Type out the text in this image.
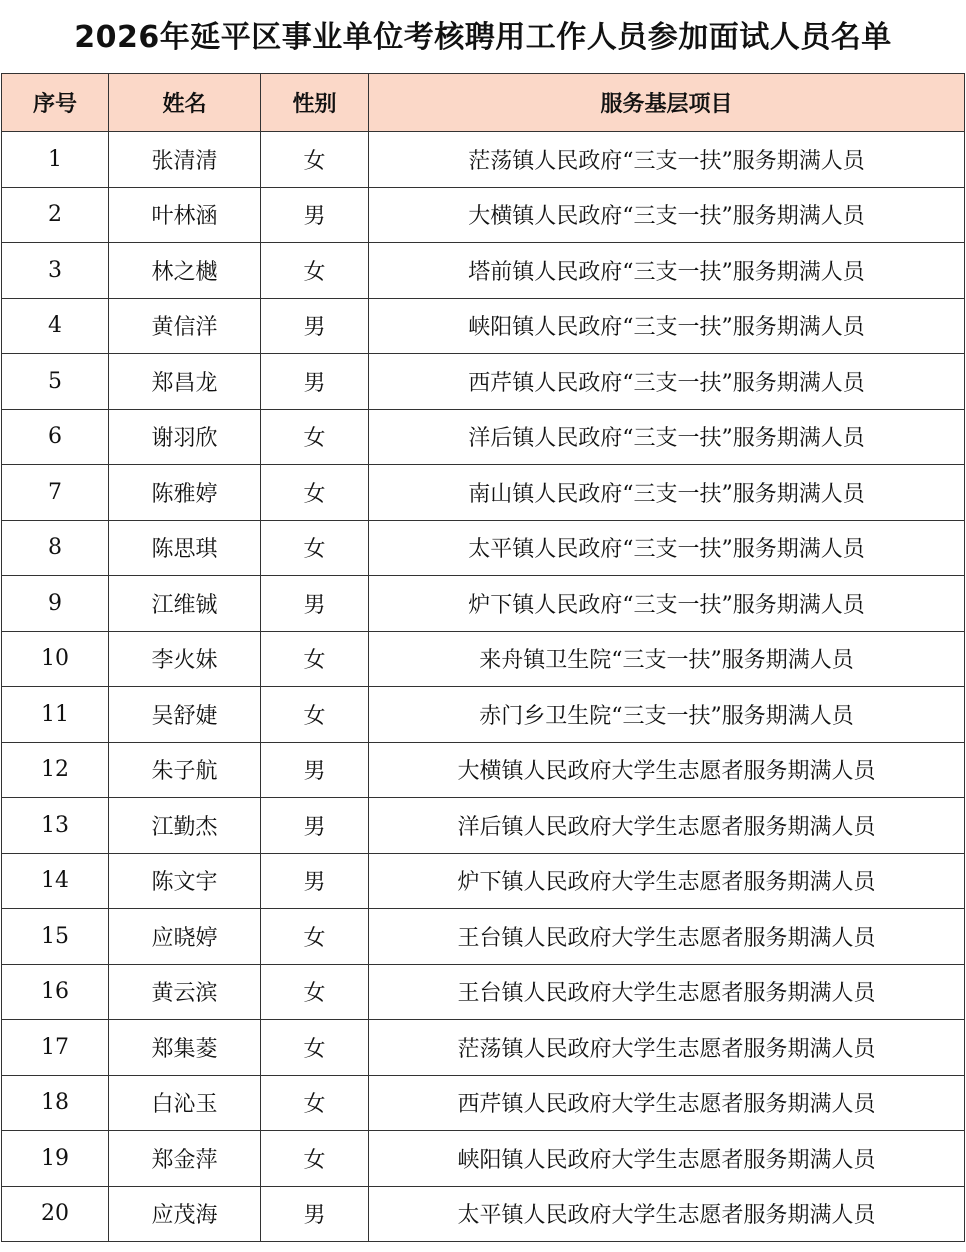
2026年延平区事业单位考核聘用工作人员参加面试人员名单
序号	姓名	性别	服务基层项目
1	张清清	女	茫荡镇人民政府“三支一扶”服务期满人员
2	叶林涵	男	大横镇人民政府“三支一扶”服务期满人员
3	林之樾	女	塔前镇人民政府“三支一扶”服务期满人员
4	黄信洋	男	峡阳镇人民政府“三支一扶”服务期满人员
5	郑昌龙	男	西芹镇人民政府“三支一扶”服务期满人员
6	谢羽欣	女	洋后镇人民政府“三支一扶”服务期满人员
7	陈雅婷	女	南山镇人民政府“三支一扶”服务期满人员
8	陈思琪	女	太平镇人民政府“三支一扶”服务期满人员
9	江维铖	男	炉下镇人民政府“三支一扶”服务期满人员
10	李火妹	女	来舟镇卫生院“三支一扶”服务期满人员
11	吴舒婕	女	赤门乡卫生院“三支一扶”服务期满人员
12	朱子航	男	大横镇人民政府大学生志愿者服务期满人员
13	江勤杰	男	洋后镇人民政府大学生志愿者服务期满人员
14	陈文宇	男	炉下镇人民政府大学生志愿者服务期满人员
15	应晓婷	女	王台镇人民政府大学生志愿者服务期满人员
16	黄云滨	女	王台镇人民政府大学生志愿者服务期满人员
17	郑集菱	女	茫荡镇人民政府大学生志愿者服务期满人员
18	白沁玉	女	西芹镇人民政府大学生志愿者服务期满人员
19	郑金萍	女	峡阳镇人民政府大学生志愿者服务期满人员
20	应茂海	男	太平镇人民政府大学生志愿者服务期满人员
